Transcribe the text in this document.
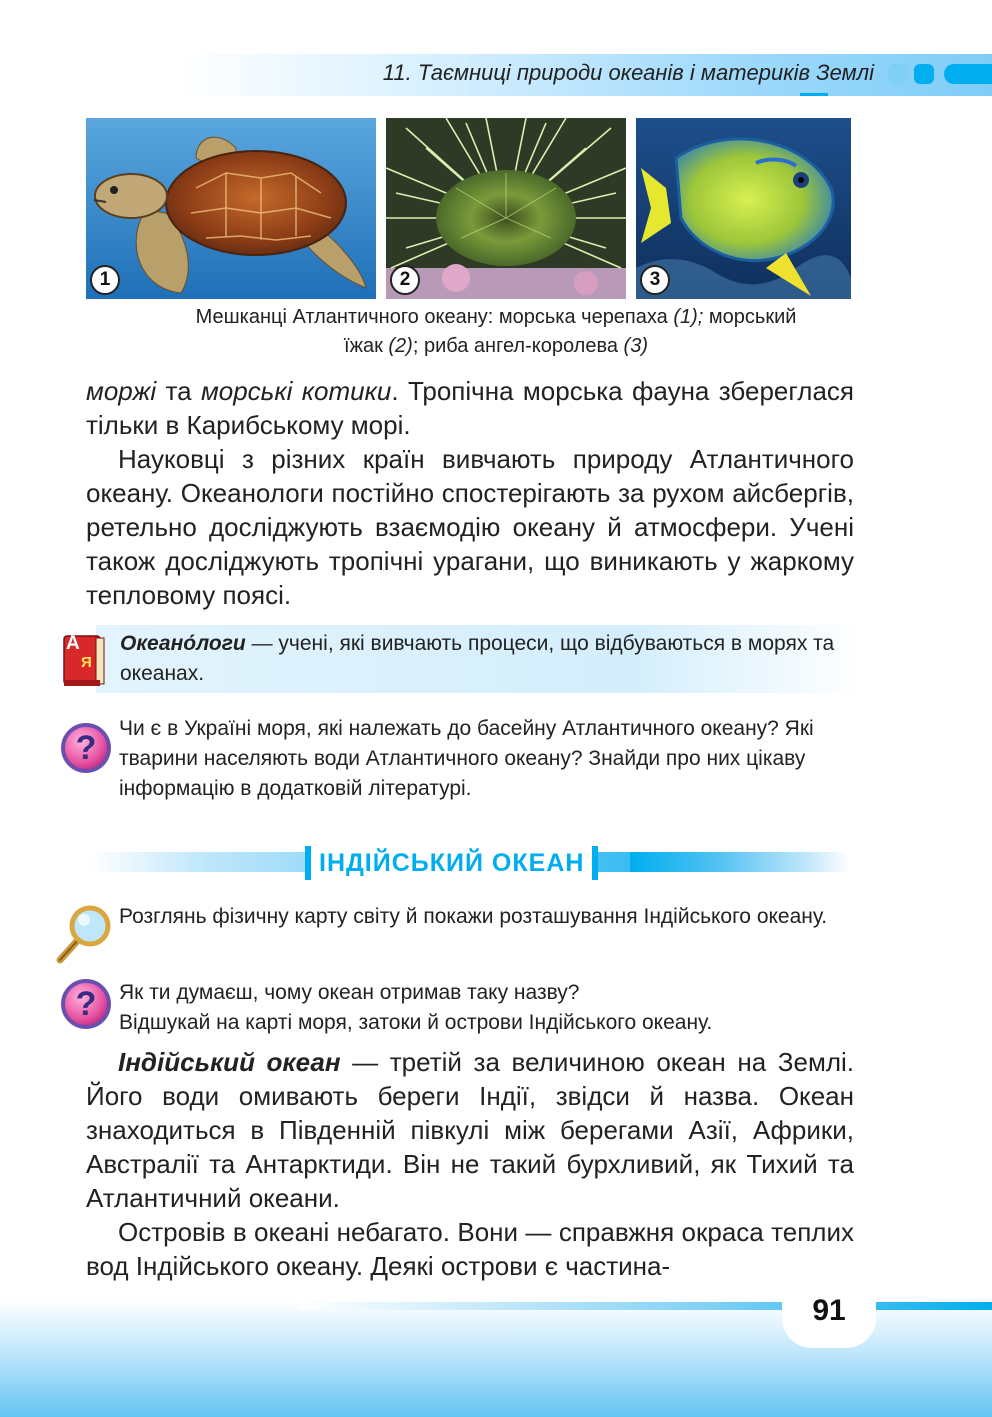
11. Таємниці природи океанів і материків Землі
1	2	3
Мешканці Атлантичного океану: морська черепаха (1); морський
їжак (2); риба ангел-королева (3)

моржі та морські котики. Тропічна морська фауна збереглася тільки в Карибському морі.

Науковці з різних країн вивчають природу Атлантичного океану. Океанологи постійно спостерігають за рухом айсбергів, ретельно досліджують взаємодію океану й атмосфери. Учені також досліджують тропічні урагани, що виникають у жаркому тепловому поясі.

А
Я
Океано́логи — учені, які вивчають процеси, що відбуваються в морях та океанах.
?
Чи є в Україні моря, які належать до басейну Атлантичного океану? Які тварини населяють води Атлантичного океану? Знайди про них цікаву інформацію в додатковій літературі.
ІНДІЙСЬКИЙ ОКЕАН
Розглянь фізичну карту світу й покажи розташування Індійського океану.
?	Як ти думаєш, чому океан отримав таку назву?
Відшукай на карті моря, затоки й острови Індійського океану.

Індійський океан — третій за величиною океан на Землі. Його води омивають береги Індії, звідси й назва. Океан знаходиться в Південній півкулі між берегами Азії, Африки, Австралії та Антарктиди. Він не такий бурхливий, як Тихий та Атлантичний океани.

Островів в океані небагато. Вони — справжня окраса теплих вод Індійського океану. Деякі острови є частина-

91
